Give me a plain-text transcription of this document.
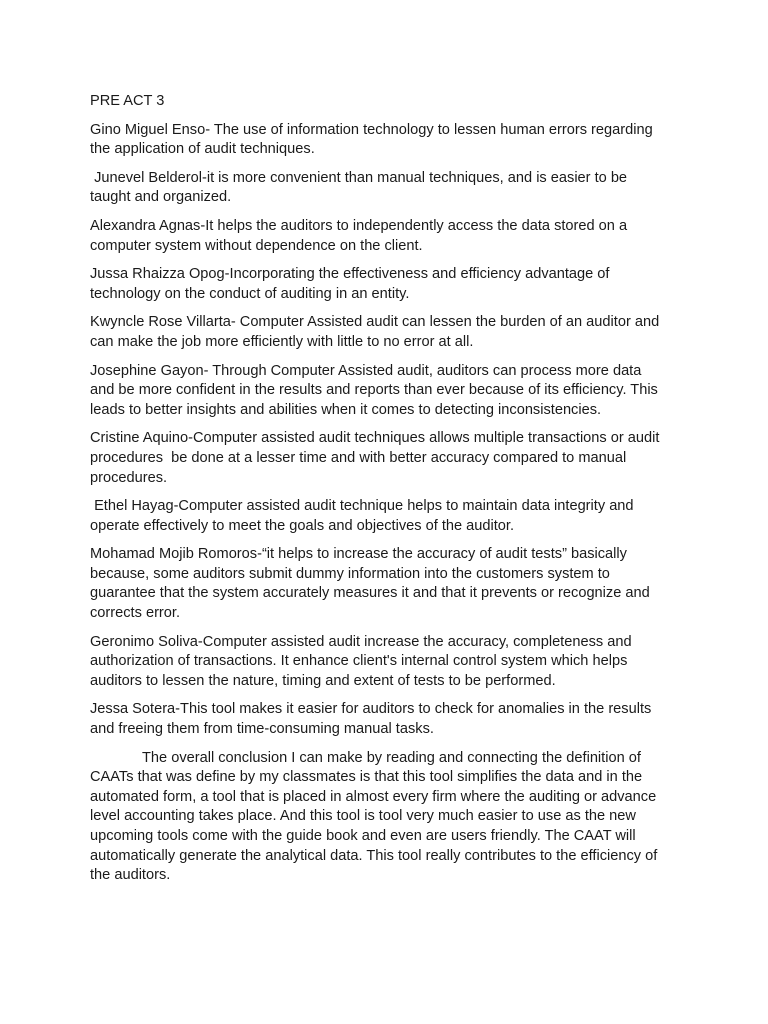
PRE ACT 3

Gino Miguel Enso- The use of information technology to lessen human errors regarding the application of audit techniques.

Junevel Belderol-it is more convenient than manual techniques, and is easier to be taught and organized.

Alexandra Agnas-It helps the auditors to independently access the data stored on a computer system without dependence on the client.

Jussa Rhaizza Opog-Incorporating the effectiveness and efficiency advantage of technology on the conduct of auditing in an entity.

Kwyncle Rose Villarta- Computer Assisted audit can lessen the burden of an auditor and can make the job more efficiently with little to no error at all.

Josephine Gayon- Through Computer Assisted audit, auditors can process more data and be more confident in the results and reports than ever because of its efficiency. This leads to better insights and abilities when it comes to detecting inconsistencies.

Cristine Aquino-Computer assisted audit techniques allows multiple transactions or audit procedures  be done at a lesser time and with better accuracy compared to manual procedures.

Ethel Hayag-Computer assisted audit technique helps to maintain data integrity and operate effectively to meet the goals and objectives of the auditor.

Mohamad Mojib Romoros-“it helps to increase the accuracy of audit tests” basically because, some auditors submit dummy information into the customers system to guarantee that the system accurately measures it and that it prevents or recognize and corrects error.

Geronimo Soliva-Computer assisted audit increase the accuracy, completeness and authorization of transactions. It enhance client's internal control system which helps auditors to lessen the nature, timing and extent of tests to be performed.

Jessa Sotera-This tool makes it easier for auditors to check for anomalies in the results and freeing them from time-consuming manual tasks.

The overall conclusion I can make by reading and connecting the definition of CAATs that was define by my classmates is that this tool simplifies the data and in the automated form, a tool that is placed in almost every firm where the auditing or advance level accounting takes place. And this tool is tool very much easier to use as the new upcoming tools come with the guide book and even are users friendly. The CAAT will automatically generate the analytical data. This tool really contributes to the efficiency of the auditors.
